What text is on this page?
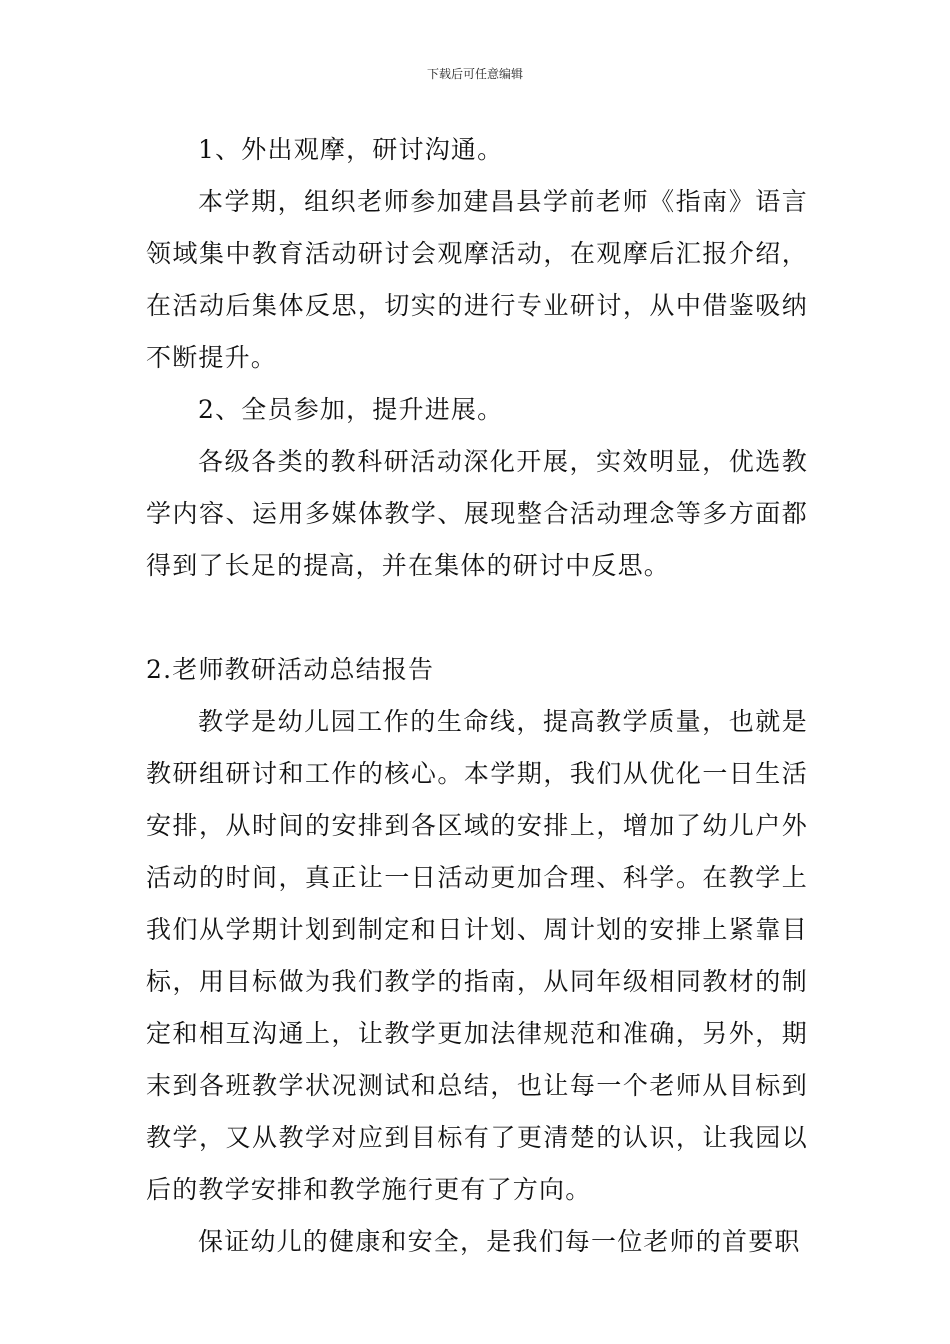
下载后可任意编辑

1、外出观摩，研讨沟通。

本学期，组织老师参加建昌县学前老师《指南》语言领域集中教育活动研讨会观摩活动，在观摩后汇报介绍，在活动后集体反思，切实的进行专业研讨，从中借鉴吸纳不断提升。

2、全员参加，提升进展。

各级各类的教科研活动深化开展，实效明显，优选教学内容、运用多媒体教学、展现整合活动理念等多方面都得到了长足的提高，并在集体的研讨中反思。

2.老师教研活动总结报告

教学是幼儿园工作的生命线，提高教学质量，也就是教研组研讨和工作的核心。本学期，我们从优化一日生活安排，从时间的安排到各区域的安排上，增加了幼儿户外活动的时间，真正让一日活动更加合理、科学。在教学上我们从学期计划到制定和日计划、周计划的安排上紧靠目标，用目标做为我们教学的指南，从同年级相同教材的制定和相互沟通上，让教学更加法律规范和准确，另外，期末到各班教学状况测试和总结，也让每一个老师从目标到教学，又从教学对应到目标有了更清楚的认识，让我园以后的教学安排和教学施行更有了方向。

保证幼儿的健康和安全，是我们每一位老师的首要职
